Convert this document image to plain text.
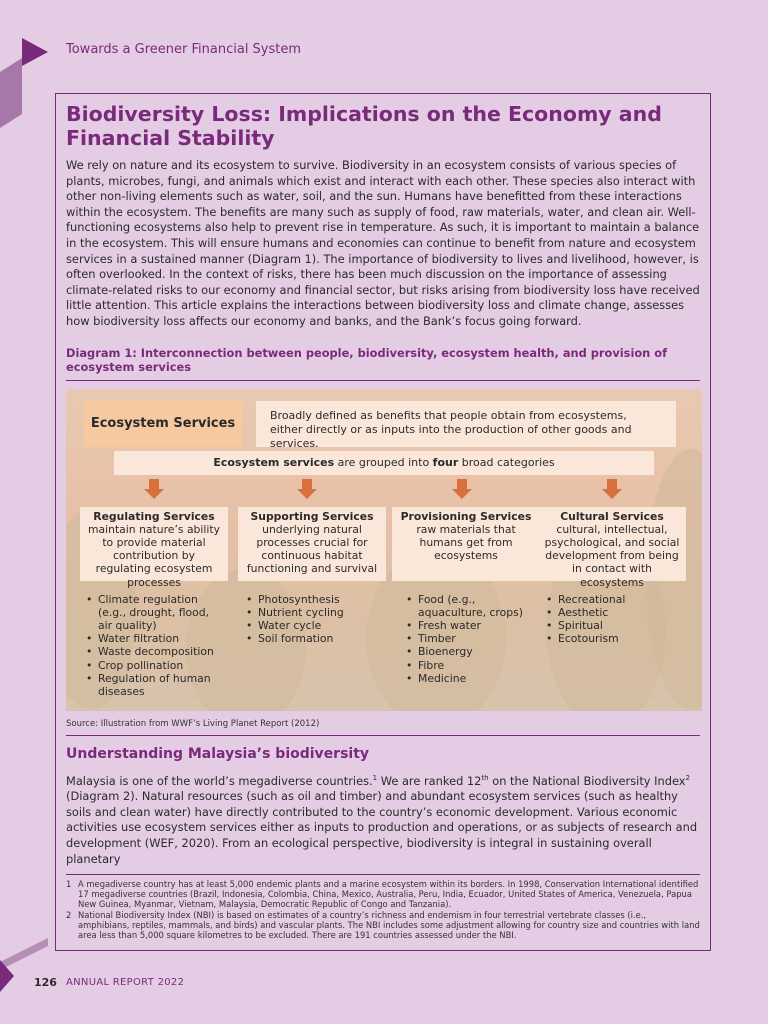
Towards a Greener Financial System
Biodiversity Loss: Implications on the Economy and Financial Stability

We rely on nature and its ecosystem to survive. Biodiversity in an ecosystem consists of various species of plants, microbes, fungi, and animals which exist and interact with each other. These species also interact with other non-living elements such as water, soil, and the sun. Humans have benefitted from these interactions within the ecosystem. The benefits are many such as supply of food, raw materials, water, and clean air. Well-functioning ecosystems also help to prevent rise in temperature. As such, it is important to maintain a balance in the ecosystem. This will ensure humans and economies can continue to benefit from nature and ecosystem services in a sustained manner (Diagram 1). The importance of biodiversity to lives and livelihood, however, is often overlooked. In the context of risks, there has been much discussion on the importance of assessing climate-related risks to our economy and financial sector, but risks arising from biodiversity loss have received little attention. This article explains the interactions between biodiversity loss and climate change, assesses how biodiversity loss affects our economy and banks, and the Bank’s focus going forward.

Diagram 1: Interconnection between people, biodiversity, ecosystem health, and provision of ecosystem services
Ecosystem Services
Broadly defined as benefits that people obtain from ecosystems, either directly or as inputs into the production of other goods and services.
Ecosystem services are grouped into four broad categories
Regulating Services
maintain nature’s ability to provide material contribution by regulating ecosystem processes
Supporting Services
underlying natural processes crucial for continuous habitat functioning and survival
Provisioning Services
raw materials that humans get from ecosystems
Cultural Services
cultural, intellectual, psychological, and social development from being in contact with ecosystems
• Climate regulation (e.g., drought, flood, air quality)
• Water filtration
• Waste decomposition
• Crop pollination
• Regulation of human diseases
• Photosynthesis
• Nutrient cycling
• Water cycle
• Soil formation
• Food (e.g., aquaculture, crops)
• Fresh water
• Timber
• Bioenergy
• Fibre
• Medicine
• Recreational
• Aesthetic
• Spiritual
• Ecotourism
Source: Illustration from WWF’s Living Planet Report (2012)
Understanding Malaysia’s biodiversity

Malaysia is one of the world’s megadiverse countries.$^1$ We are ranked 12th on the National Biodiversity Index$^2$ (Diagram 2). Natural resources (such as oil and timber) and abundant ecosystem services (such as healthy soils and clean water) have directly contributed to the country’s economic development. Various economic activities use ecosystem services either as inputs to production and operations, or as subjects of research and development (WEF, 2020). From an ecological perspective, biodiversity is integral in sustaining overall planetary

1 A megadiverse country has at least 5,000 endemic plants and a marine ecosystem within its borders. In 1998, Conservation International identified 17 megadiverse countries (Brazil, Indonesia, Colombia, China, Mexico, Australia, Peru, India, Ecuador, United States of America, Venezuela, Papua New Guinea, Myanmar, Vietnam, Malaysia, Democratic Republic of Congo and Tanzania).
2 National Biodiversity Index (NBI) is based on estimates of a country’s richness and endemism in four terrestrial vertebrate classes (i.e., amphibians, reptiles, mammals, and birds) and vascular plants. The NBI includes some adjustment allowing for country size and countries with land area less than 5,000 square kilometres to be excluded. There are 191 countries assessed under the NBI.
126 ANNUAL REPORT 2022
